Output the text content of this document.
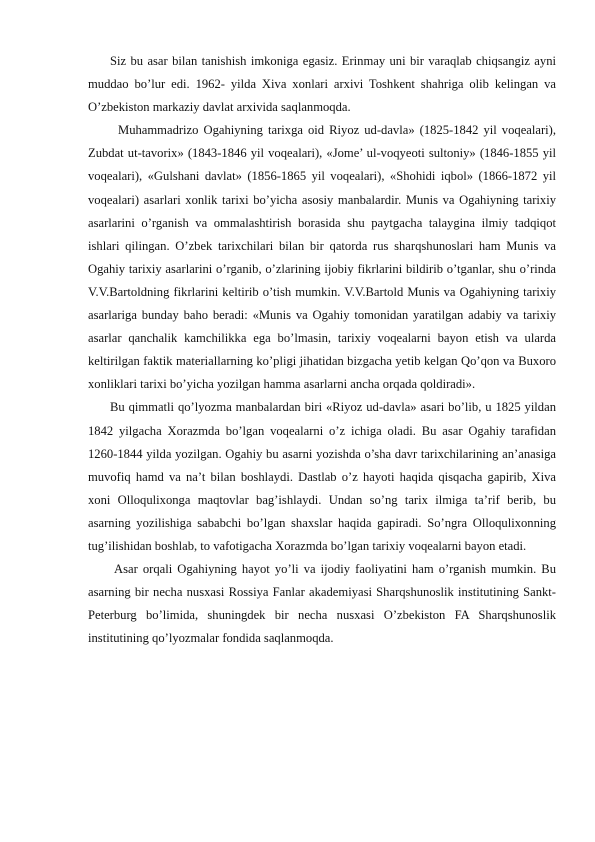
Siz bu asar bilan tanishish imkoniga egasiz. Erinmay uni bir varaqlab chiqsangiz ayni muddao bo’lur edi. 1962- yilda Xiva xonlari arxivi Toshkent shahriga olib kelingan va O’zbekiston markaziy davlat arxivida saqlanmoqda.

Muhammadrizo Ogahiyning tarixga oid Riyoz ud-davla» (1825-1842 yil voqealari), Zubdat ut-tavorix» (1843-1846 yil voqealari), «Jome’ ul-voqyeoti sultoniy» (1846-1855 yil voqealari), «Gulshani davlat» (1856-1865 yil voqealari), «Shohidi iqbol» (1866-1872 yil voqealari) asarlari xonlik tarixi bo’yicha asosiy manbalardir. Munis va Ogahiyning tarixiy asarlarini o’rganish va ommalashtirish borasida shu paytgacha talaygina ilmiy tadqiqot ishlari qilingan. O’zbek tarixchilari bilan bir qatorda rus sharqshunoslari ham Munis va Ogahiy tarixiy asarlarini o’rganib, o’zlarining ijobiy fikrlarini bildirib o’tganlar, shu o’rinda V.V.Bartoldning fikrlarini keltirib o’tish mumkin. V.V.Bartold Munis va Ogahiyning tarixiy asarlariga bunday baho beradi: «Munis va Ogahiy tomonidan yaratilgan adabiy va tarixiy asarlar qanchalik kamchilikka ega bo’lmasin, tarixiy voqealarni bayon etish va ularda keltirilgan faktik materiallarning ko’pligi jihatidan bizgacha yetib kelgan Qo’qon va Buxoro xonliklari tarixi bo’yicha yozilgan hamma asarlarni ancha orqada qoldiradi».

Bu qimmatli qo’lyozma manbalardan biri «Riyoz ud-davla» asari bo’lib, u 1825 yildan 1842 yilgacha Xorazmda bo’lgan voqealarni o’z ichiga oladi. Bu asar Ogahiy tarafidan 1260-1844 yilda yozilgan. Ogahiy bu asarni yozishda o’sha davr tarixchilarining an’anasiga muvofiq hamd va na’t bilan boshlaydi. Dastlab o’z hayoti haqida qisqacha gapirib, Xiva xoni Olloqulixonga maqtovlar bag’ishlaydi. Undan so’ng tarix ilmiga ta’rif berib, bu asarning yozilishiga sababchi bo’lgan shaxslar haqida gapiradi. So’ngra Olloqulixonning tug’ilishidan boshlab, to vafotigacha Xorazmda bo’lgan tarixiy voqealarni bayon etadi.

Asar orqali Ogahiyning hayot yo’li va ijodiy faoliyatini ham o’rganish mumkin. Bu asarning bir necha nusxasi Rossiya Fanlar akademiyasi Sharqshunoslik institutining Sankt-Peterburg bo’limida, shuningdek bir necha nusxasi O’zbekiston FA Sharqshunoslik institutining qo’lyozmalar fondida saqlanmoqda.
